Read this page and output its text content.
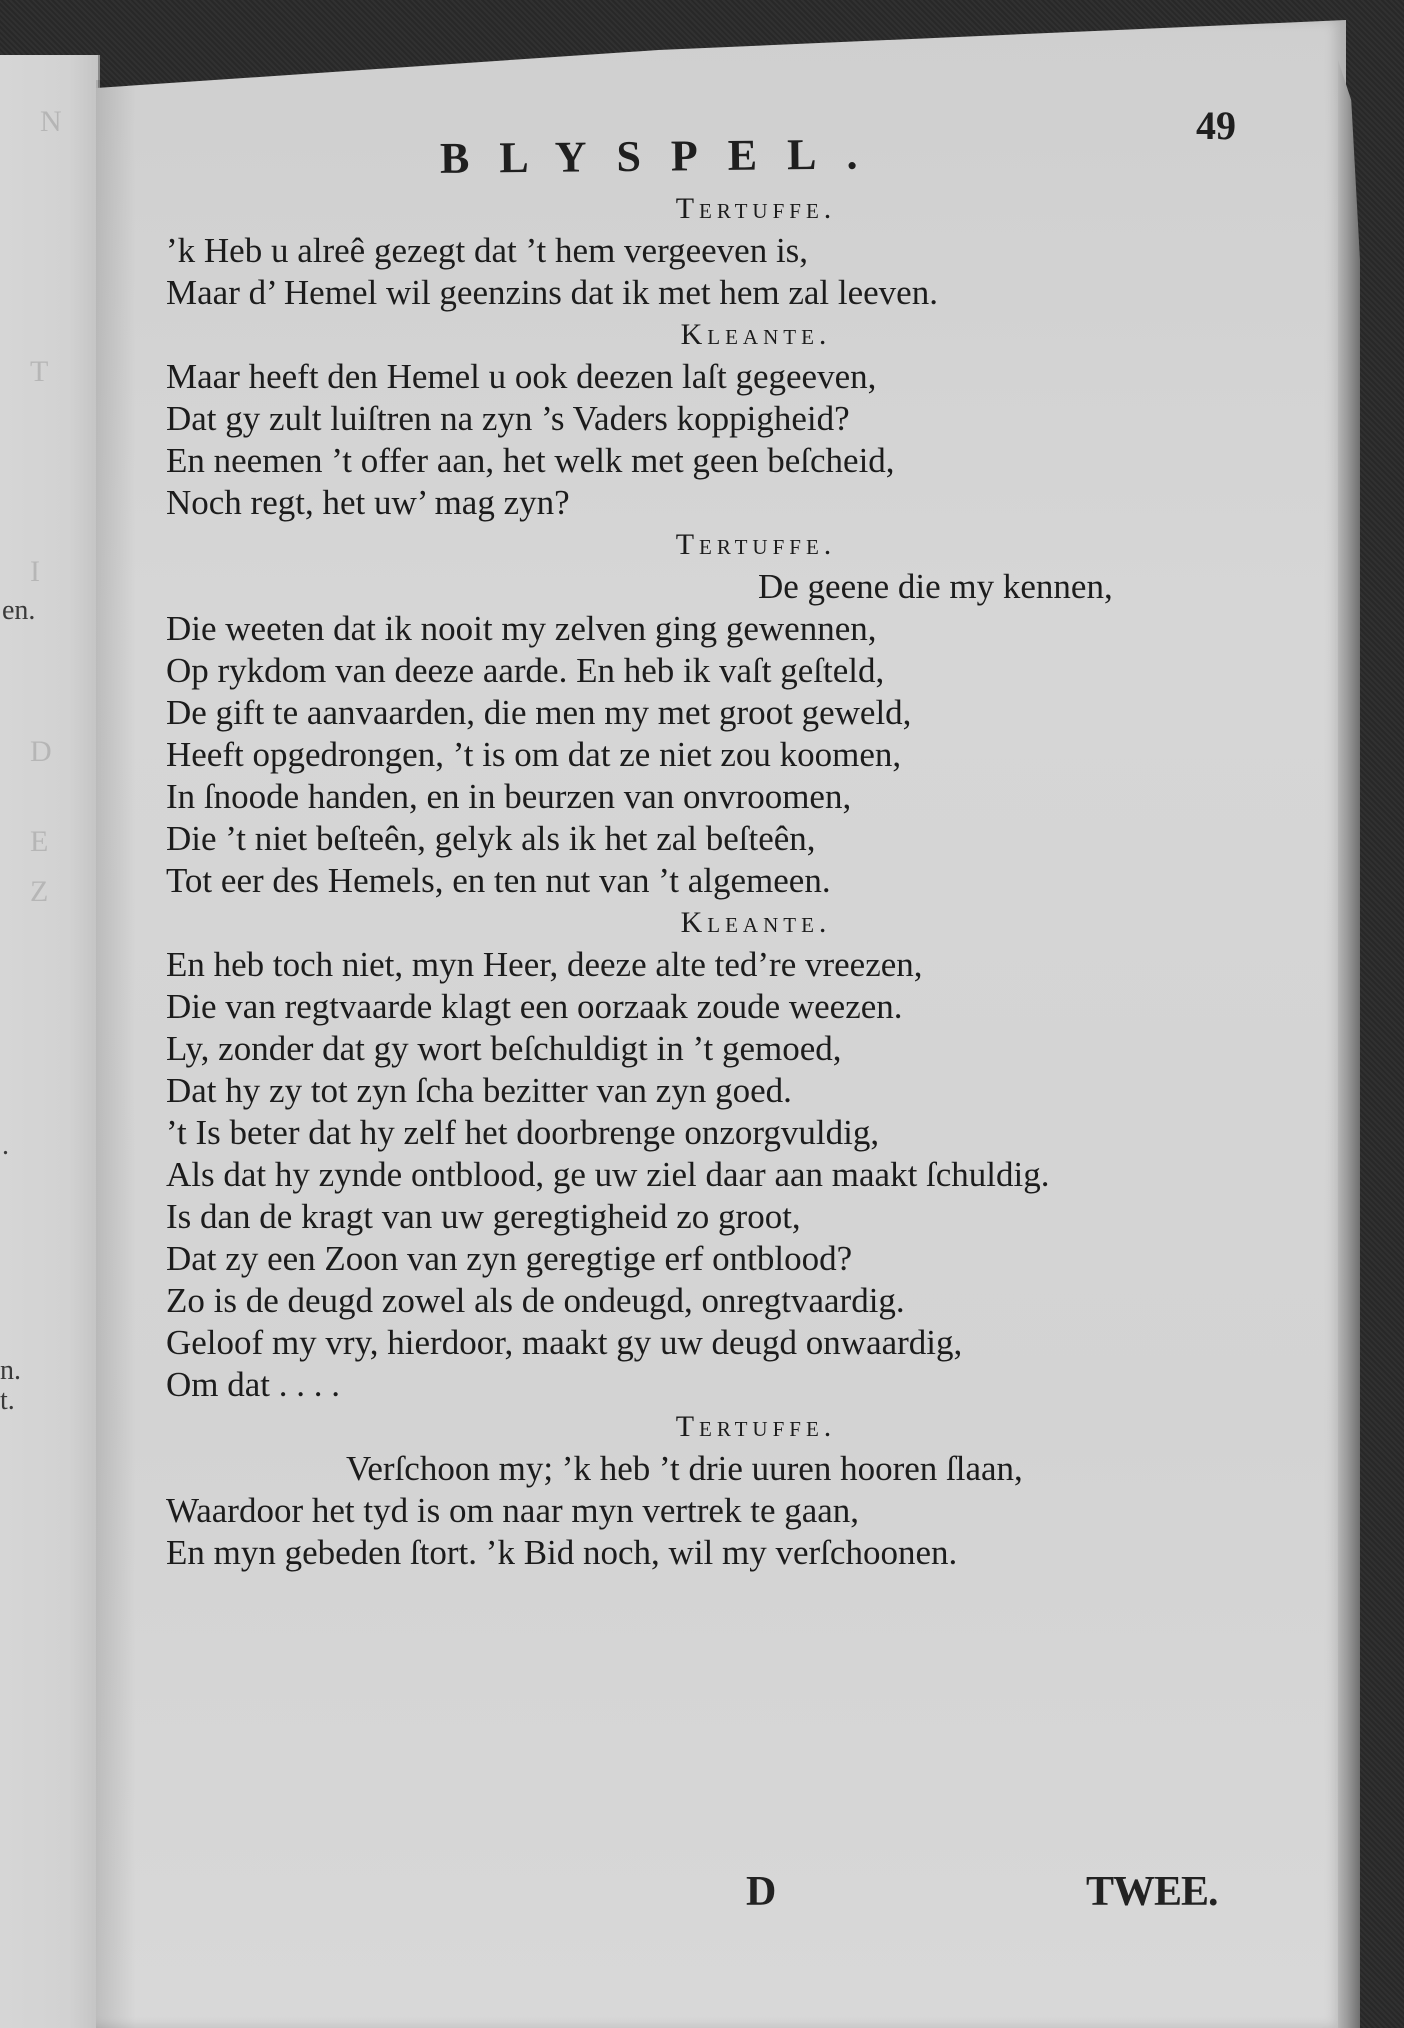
N
T
I
en.
D
E
Z
.
n.
t.
BLYSPEL.
49
Tertuffe.
’k Heb u alreê gezegt dat ’t hem vergeeven is,
Maar d’ Hemel wil geenzins dat ik met hem zal leeven.
Kleante.
Maar heeft den Hemel u ook deezen laſt gegeeven,
Dat gy zult luiſtren na zyn ’s Vaders koppigheid?
En neemen ’t offer aan, het welk met geen beſcheid,
Noch regt, het uw’ mag zyn?
Tertuffe.
De geene die my kennen,
Die weeten dat ik nooit my zelven ging gewennen,
Op rykdom van deeze aarde. En heb ik vaſt geſteld,
De gift te aanvaarden, die men my met groot geweld,
Heeft opgedrongen, ’t is om dat ze niet zou koomen,
In ſnoode handen, en in beurzen van onvroomen,
Die ’t niet beſteên, gelyk als ik het zal beſteên,
Tot eer des Hemels, en ten nut van ’t algemeen.
Kleante.
En heb toch niet, myn Heer, deeze alte ted’re vreezen,
Die van regtvaarde klagt een oorzaak zoude weezen.
Ly, zonder dat gy wort beſchuldigt in ’t gemoed,
Dat hy zy tot zyn ſcha bezitter van zyn goed.
’t Is beter dat hy zelf het doorbrenge onzorgvuldig,
Als dat hy zynde ontblood, ge uw ziel daar aan maakt ſchuldig.
Is dan de kragt van uw geregtigheid zo groot,
Dat zy een Zoon van zyn geregtige erf ontblood?
Zo is de deugd zowel als de ondeugd, onregtvaardig.
Geloof my vry, hierdoor, maakt gy uw deugd onwaardig,
Om dat . . . .
Tertuffe.
Verſchoon my; ’k heb ’t drie uuren hooren ſlaan,
Waardoor het tyd is om naar myn vertrek te gaan,
En myn gebeden ſtort. ’k Bid noch, wil my verſchoonen.
D	TWEE.
